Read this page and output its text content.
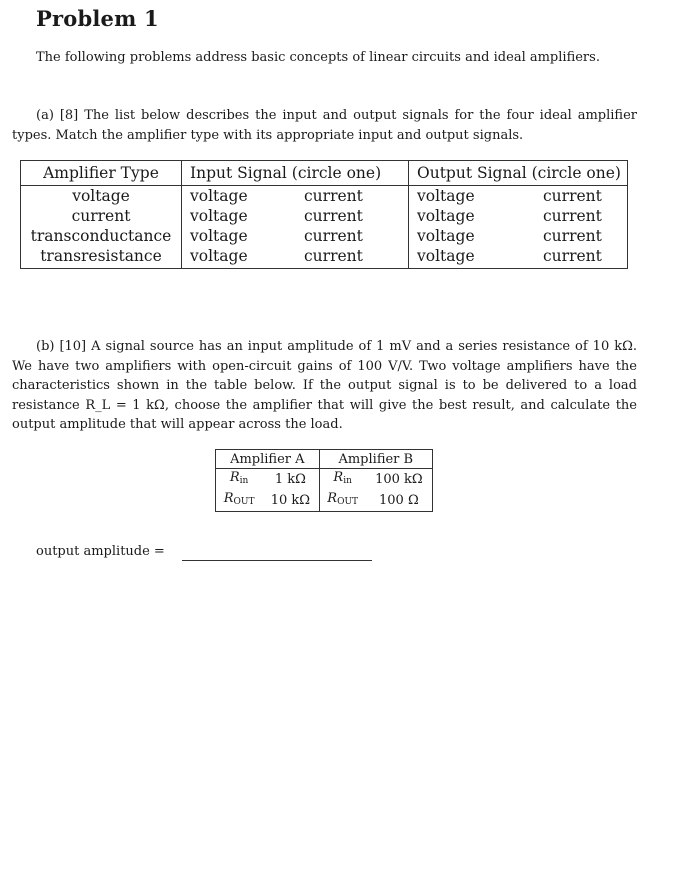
Problem 1

The following problems address basic concepts of linear circuits and ideal amplifiers.

(a) [8] The list below describes the input and output signals for the four ideal amplifier types. Match the amplifier type with its appropriate input and output signals.

Amplifier Type	Input Signal (circle one)		Output Signal (circle one)	
voltage	voltage	current	voltage	current
current	voltage	current	voltage	current
transconductance	voltage	current	voltage	current
transresistance	voltage	current	voltage	current

(b) [10] A signal source has an input amplitude of 1 mV and a series resistance of 10 kΩ. We have two amplifiers with open-circuit gains of 100 V/V. Two voltage amplifiers have the characteristics shown in the table below. If the output signal is to be delivered to a load resistance R_L = 1 kΩ, choose the amplifier that will give the best result, and calculate the output amplitude that will appear across the load.

Amplifier A		Amplifier B	
$R_{in}$	1 kΩ	$R_{in}$	100 kΩ
$R_{OUT}$	10 kΩ	$R_{OUT}$	100 Ω
output amplitude =
